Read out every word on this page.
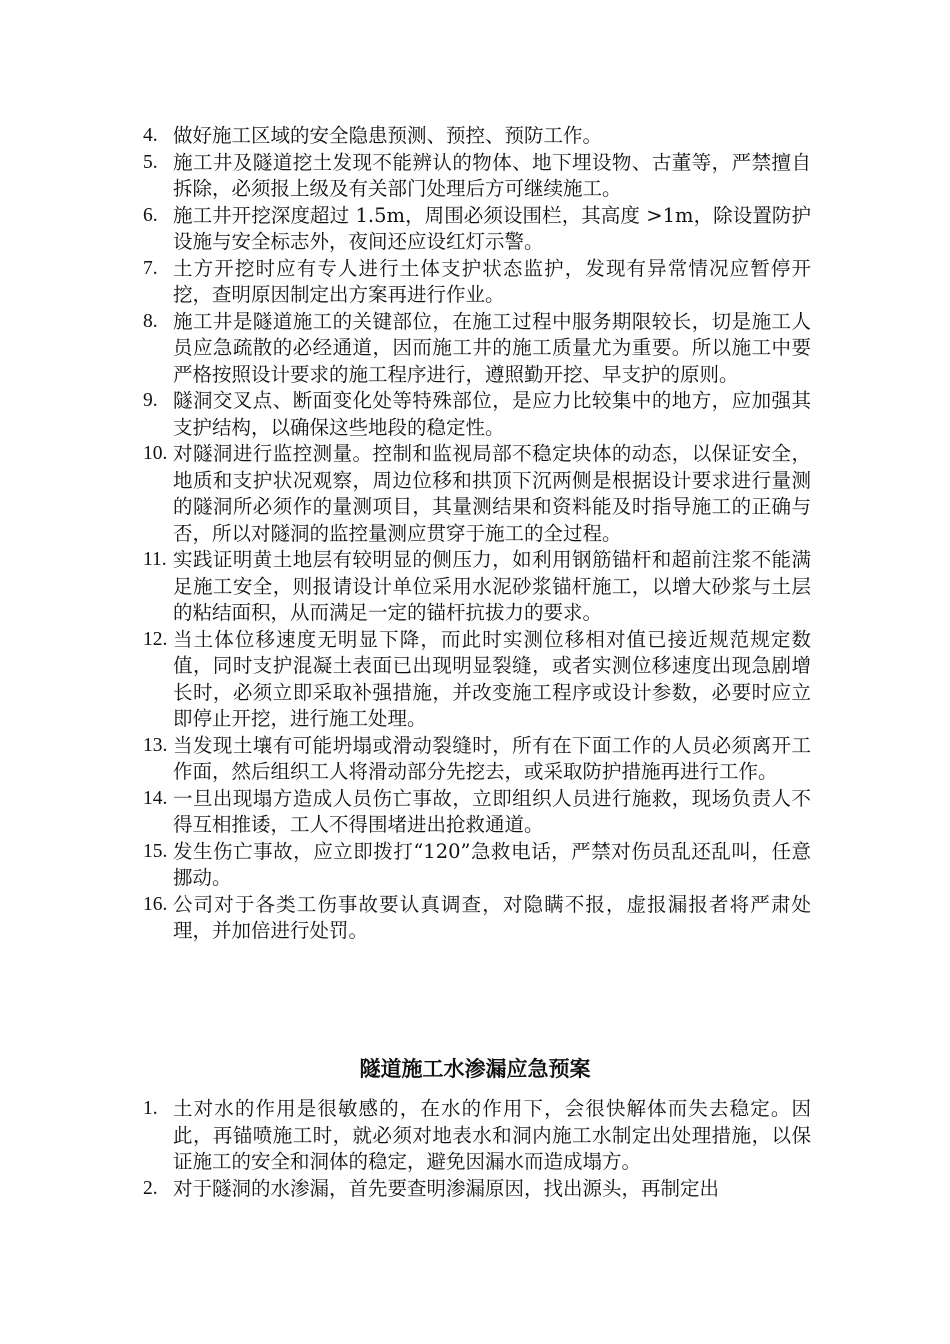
4. 做好施工区域的安全隐患预测、预控、预防工作。
5. 施工井及隧道挖土发现不能辨认的物体、地下埋设物、古董等，严禁擅自拆除，必须报上级及有关部门处理后方可继续施工。
6. 施工井开挖深度超过 1.5m，周围必须设围栏，其高度 >1m，除设置防护设施与安全标志外，夜间还应设红灯示警。
7. 土方开挖时应有专人进行土体支护状态监护，发现有异常情况应暂停开挖，查明原因制定出方案再进行作业。
8. 施工井是隧道施工的关键部位，在施工过程中服务期限较长，切是施工人员应急疏散的必经通道，因而施工井的施工质量尤为重要。所以施工中要严格按照设计要求的施工程序进行，遵照勤开挖、早支护的原则。
9. 隧洞交叉点、断面变化处等特殊部位，是应力比较集中的地方，应加强其支护结构，以确保这些地段的稳定性。
10. 对隧洞进行监控测量。控制和监视局部不稳定块体的动态，以保证安全，地质和支护状况观察，周边位移和拱顶下沉两侧是根据设计要求进行量测的隧洞所必须作的量测项目，其量测结果和资料能及时指导施工的正确与否，所以对隧洞的监控量测应贯穿于施工的全过程。
11. 实践证明黄土地层有较明显的侧压力，如利用钢筋锚杆和超前注浆不能满足施工安全，则报请设计单位采用水泥砂浆锚杆施工，以增大砂浆与土层的粘结面积，从而满足一定的锚杆抗拔力的要求。
12. 当土体位移速度无明显下降，而此时实测位移相对值已接近规范规定数值，同时支护混凝土表面已出现明显裂缝，或者实测位移速度出现急剧增长时，必须立即采取补强措施，并改变施工程序或设计参数，必要时应立即停止开挖，进行施工处理。
13. 当发现土壤有可能坍塌或滑动裂缝时，所有在下面工作的人员必须离开工作面，然后组织工人将滑动部分先挖去，或采取防护措施再进行工作。
14. 一旦出现塌方造成人员伤亡事故，立即组织人员进行施救，现场负责人不得互相推诿，工人不得围堵进出抢救通道。
15. 发生伤亡事故，应立即拨打“120”急救电话，严禁对伤员乱还乱叫，任意挪动。
16. 公司对于各类工伤事故要认真调查，对隐瞒不报，虚报漏报者将严肃处理，并加倍进行处罚。
隧道施工水渗漏应急预案
1. 土对水的作用是很敏感的，在水的作用下，会很快解体而失去稳定。因此，再锚喷施工时，就必须对地表水和洞内施工水制定出处理措施，以保证施工的安全和洞体的稳定，避免因漏水而造成塌方。
2. 对于隧洞的水渗漏，首先要查明渗漏原因，找出源头，再制定出
